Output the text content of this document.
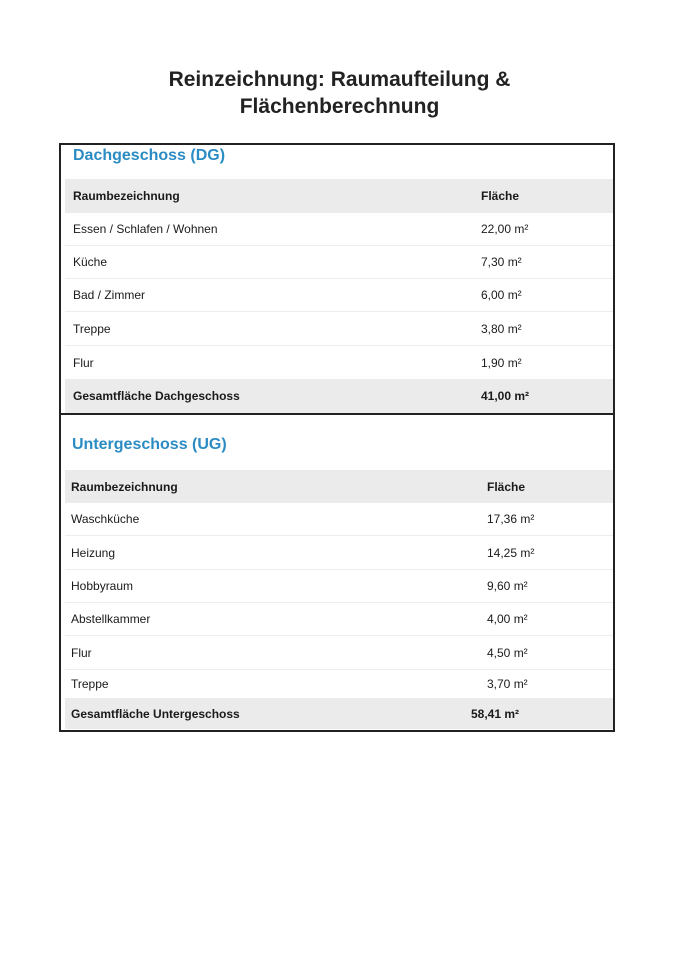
Reinzeichnung: Raumaufteilung &
Flächenberechnung
Dachgeschoss (DG)
Raumbezeichnung	Fläche
Essen / Schlafen / Wohnen	22,00 m²
Küche	7,30 m²
Bad / Zimmer	6,00 m²
Treppe	3,80 m²
Flur	1,90 m²
Gesamtfläche Dachgeschoss	41,00 m²
Untergeschoss (UG)
Raumbezeichnung	Fläche
Waschküche	17,36 m²
Heizung	14,25 m²
Hobbyraum	9,60 m²
Abstellkammer	4,00 m²
Flur	4,50 m²
Treppe	3,70 m²
Gesamtfläche Untergeschoss	58,41 m²
